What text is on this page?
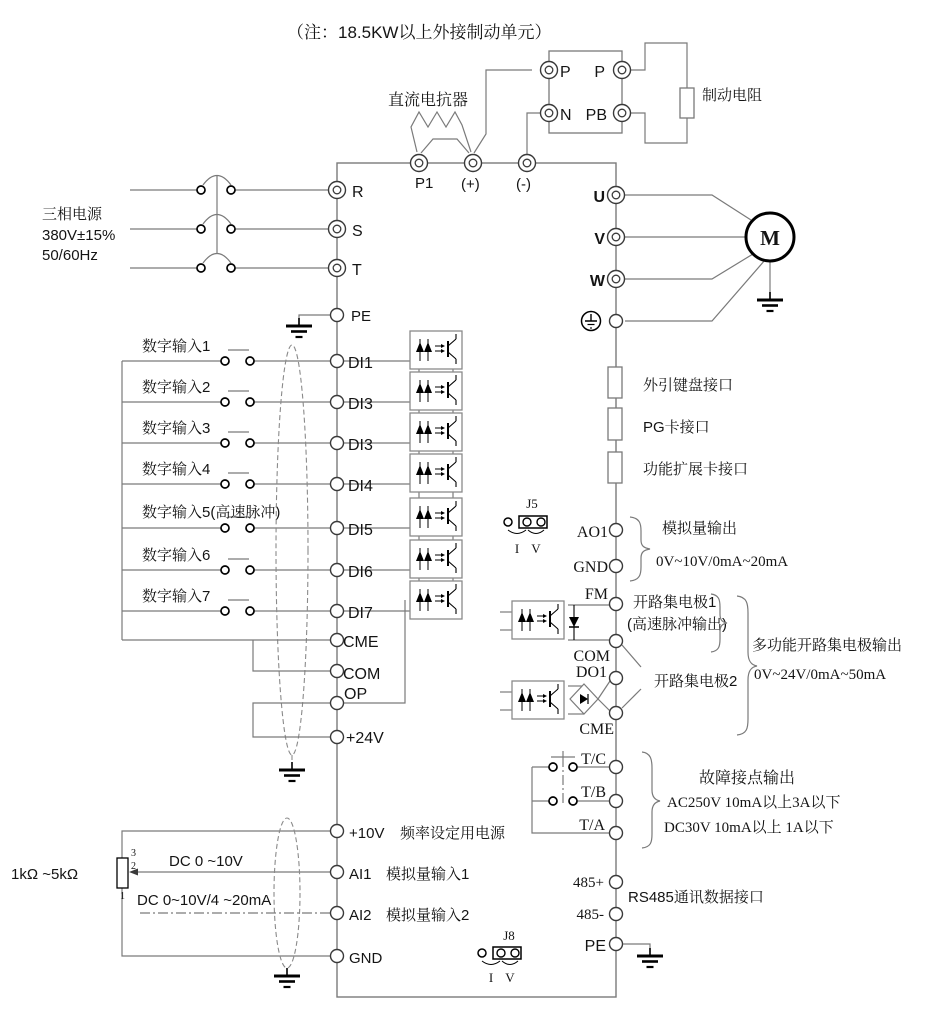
（注：18.5KW以上外接制动单元）
P1 (+) (-)
直流电抗器
P P
N PB
制动电阻
三相电源
380V±15%
50/60Hz
R
S
T
PE
U
V
W
M
数字输入1
数字输入2
数字输入3
数字输入4
数字输入5(高速脉冲)
数字输入6
数字输入7
DI1
DI3
DI3
DI4
DI5
DI6
DI7
CME
COM
OP
+24V
3
2
1
1kΩ ~5kΩ
DC 0 ~10V
DC 0~10V/4 ~20mA
+10V 频率设定用电源
AI1 模拟量输入1
AI2 模拟量输入2
GND
外引键盘接口
PG卡接口
功能扩展卡接口
J5
I V
AO1
GND
模拟量输出
0V~10V/0mA~20mA
FM
COM
DO1
CME
开路集电极1
(高速脉冲输出)
开路集电极2
多功能开路集电极输出
0V~24V/0mA~50mA
T/C
T/B
T/A
故障接点输出
AC250V 10mA以上3A以下
DC30V 10mA以上 1A以下
485+
485-
RS485通讯数据接口
PE
J8
I V
